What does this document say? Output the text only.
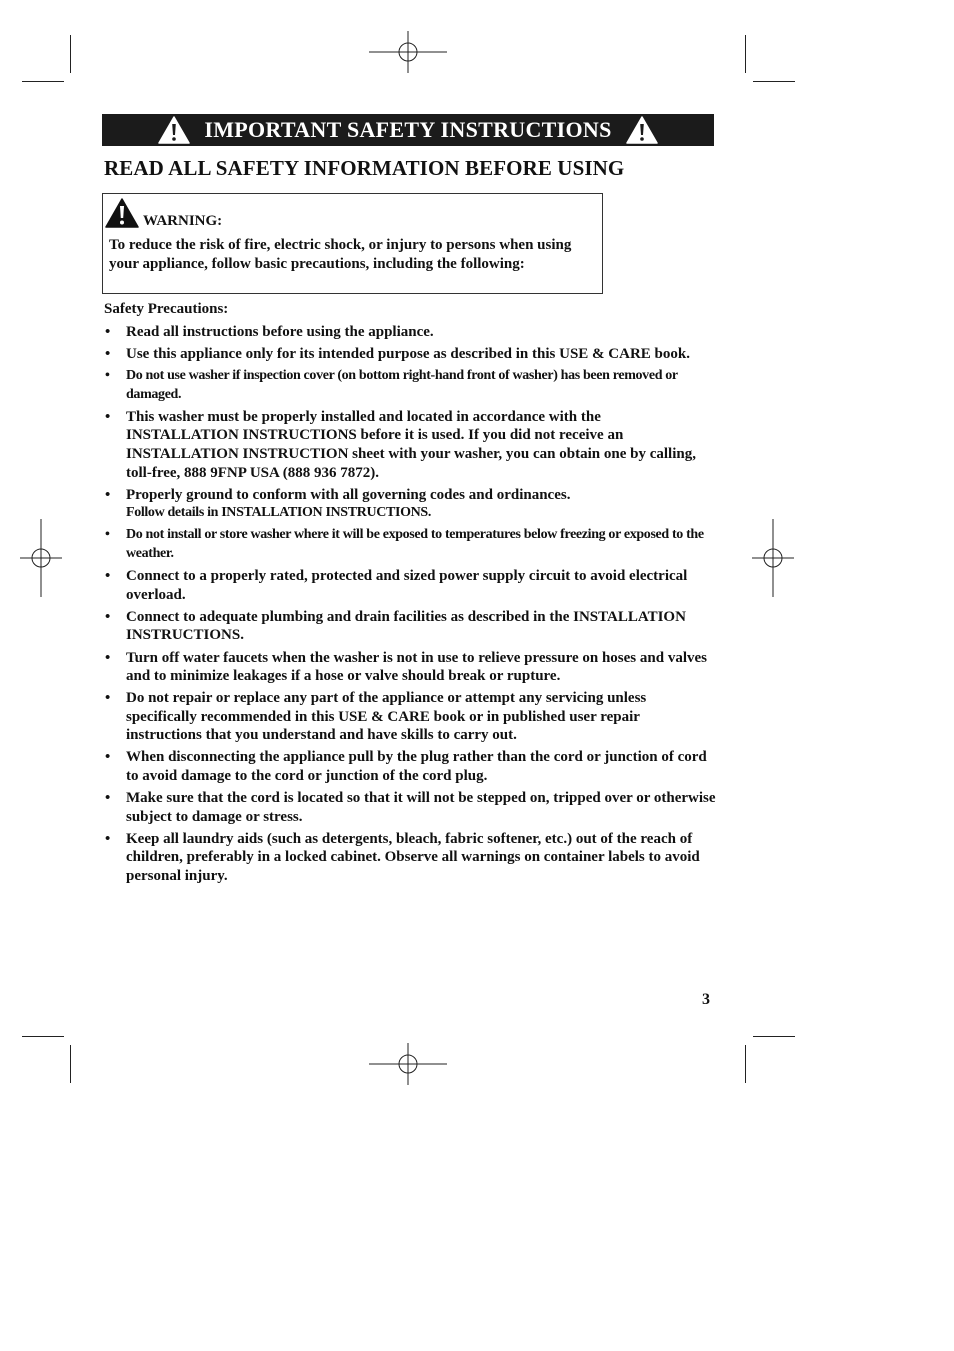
IMPORTANT SAFETY INSTRUCTIONS
READ ALL SAFETY INFORMATION BEFORE USING
WARNING:
To reduce the risk of fire, electric shock, or injury to persons when using your appliance, follow basic precautions, including the following:
Safety Precautions:
• Read all instructions before using the appliance.
• Use this appliance only for its intended purpose as described in this USE & CARE book.
• Do not use washer if inspection cover (on bottom right-hand front of washer) has been removed or damaged.
• This washer must be properly installed and located in accordance with the INSTALLATION INSTRUCTIONS before it is used. If you did not receive an INSTALLATION INSTRUCTION sheet with your washer, you can obtain one by calling, toll-free, 888 9FNP USA (888 936 7872).
• Properly ground to conform with all governing codes and ordinances.
Follow details in INSTALLATION INSTRUCTIONS.
• Do not install or store washer where it will be exposed to temperatures below freezing or exposed to the weather.
• Connect to a properly rated, protected and sized power supply circuit to avoid electrical overload.
• Connect to adequate plumbing and drain facilities as described in the INSTALLATION INSTRUCTIONS.
• Turn off water faucets when the washer is not in use to relieve pressure on hoses and valves and to minimize leakages if a hose or valve should break or rupture.
• Do not repair or replace any part of the appliance or attempt any servicing unless specifically recommended in this USE & CARE book or in published user repair instructions that you understand and have skills to carry out.
• When disconnecting the appliance pull by the plug rather than the cord or junction of cord to avoid damage to the cord or junction of the cord plug.
• Make sure that the cord is located so that it will not be stepped on, tripped over or otherwise subject to damage or stress.
• Keep all laundry aids (such as detergents, bleach, fabric softener, etc.) out of the reach of children, preferably in a locked cabinet. Observe all warnings on container labels to avoid personal injury.
3
